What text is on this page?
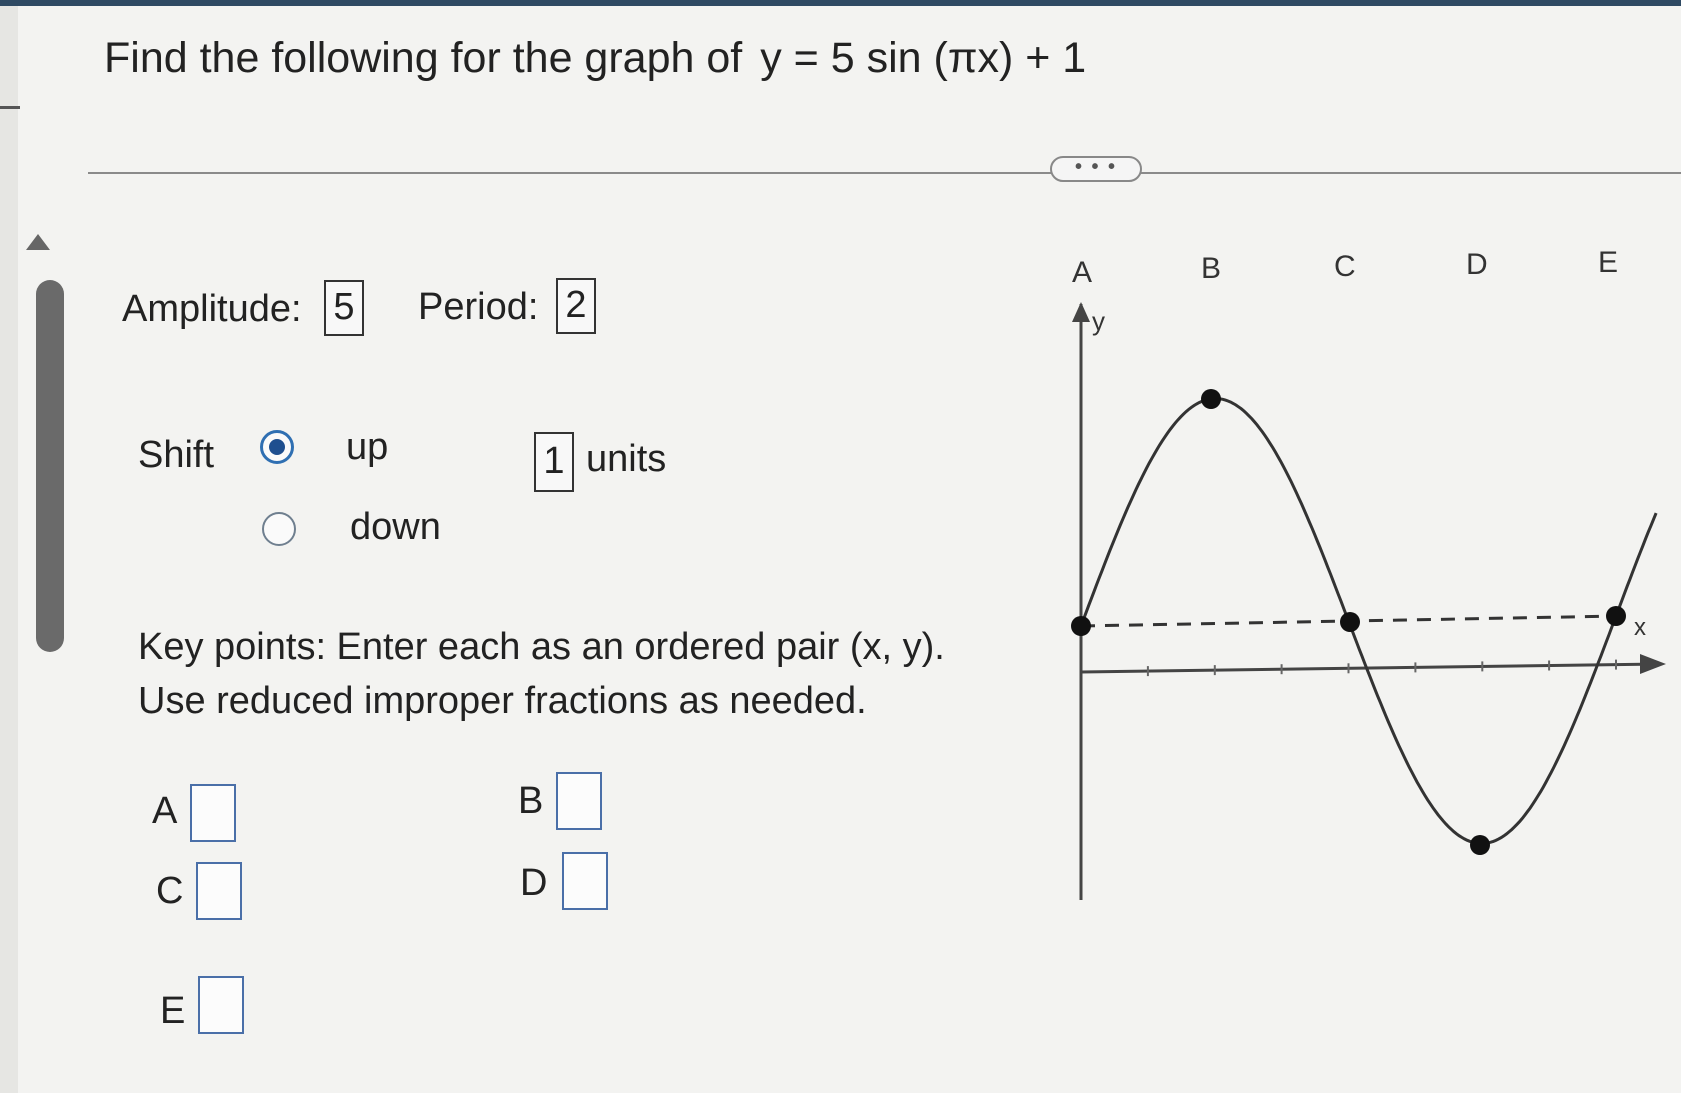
Find the following for the graph of y = 5 sin (πx) + 1
• • •
Amplitude: 5 Period: 2
Shift	up
down
1 units
Key points: Enter each as an ordered pair (x, y).
Use reduced improper fractions as needed.
A	B
C	D
E
A	B	C	D	E
y
x
